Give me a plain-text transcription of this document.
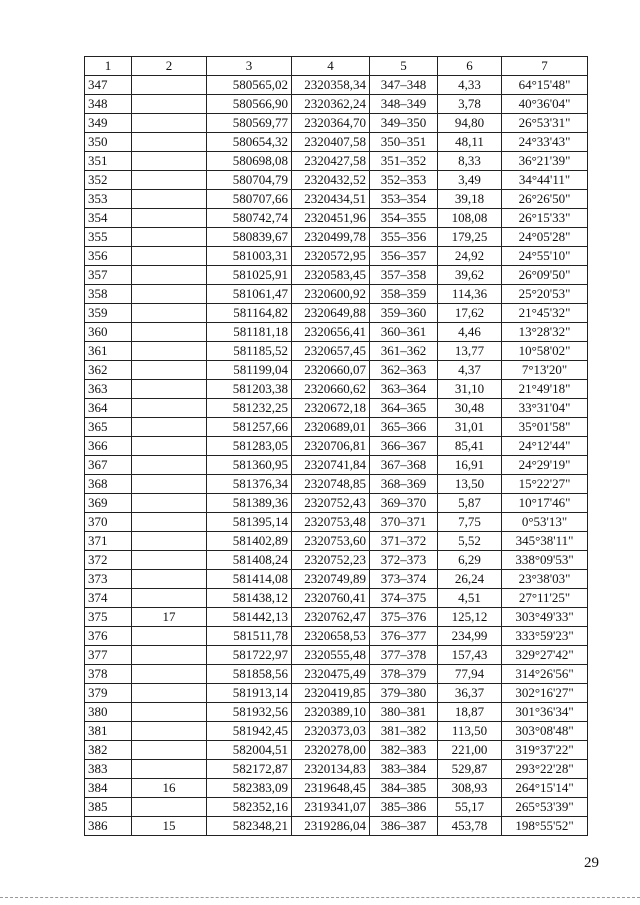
1	2	3	4	5	6	7
347		580565,02	2320358,34	347–348	4,33	64°15'48"
348		580566,90	2320362,24	348–349	3,78	40°36'04"
349		580569,77	2320364,70	349–350	94,80	26°53'31"
350		580654,32	2320407,58	350–351	48,11	24°33'43"
351		580698,08	2320427,58	351–352	8,33	36°21'39"
352		580704,79	2320432,52	352–353	3,49	34°44'11"
353		580707,66	2320434,51	353–354	39,18	26°26'50"
354		580742,74	2320451,96	354–355	108,08	26°15'33"
355		580839,67	2320499,78	355–356	179,25	24°05'28"
356		581003,31	2320572,95	356–357	24,92	24°55'10"
357		581025,91	2320583,45	357–358	39,62	26°09'50"
358		581061,47	2320600,92	358–359	114,36	25°20'53"
359		581164,82	2320649,88	359–360	17,62	21°45'32"
360		581181,18	2320656,41	360–361	4,46	13°28'32"
361		581185,52	2320657,45	361–362	13,77	10°58'02"
362		581199,04	2320660,07	362–363	4,37	7°13'20"
363		581203,38	2320660,62	363–364	31,10	21°49'18"
364		581232,25	2320672,18	364–365	30,48	33°31'04"
365		581257,66	2320689,01	365–366	31,01	35°01'58"
366		581283,05	2320706,81	366–367	85,41	24°12'44"
367		581360,95	2320741,84	367–368	16,91	24°29'19"
368		581376,34	2320748,85	368–369	13,50	15°22'27"
369		581389,36	2320752,43	369–370	5,87	10°17'46"
370		581395,14	2320753,48	370–371	7,75	0°53'13"
371		581402,89	2320753,60	371–372	5,52	345°38'11"
372		581408,24	2320752,23	372–373	6,29	338°09'53"
373		581414,08	2320749,89	373–374	26,24	23°38'03"
374		581438,12	2320760,41	374–375	4,51	27°11'25"
375	17	581442,13	2320762,47	375–376	125,12	303°49'33"
376		581511,78	2320658,53	376–377	234,99	333°59'23"
377		581722,97	2320555,48	377–378	157,43	329°27'42"
378		581858,56	2320475,49	378–379	77,94	314°26'56"
379		581913,14	2320419,85	379–380	36,37	302°16'27"
380		581932,56	2320389,10	380–381	18,87	301°36'34"
381		581942,45	2320373,03	381–382	113,50	303°08'48"
382		582004,51	2320278,00	382–383	221,00	319°37'22"
383		582172,87	2320134,83	383–384	529,87	293°22'28"
384	16	582383,09	2319648,45	384–385	308,93	264°15'14"
385		582352,16	2319341,07	385–386	55,17	265°53'39"
386	15	582348,21	2319286,04	386–387	453,78	198°55'52"
29
